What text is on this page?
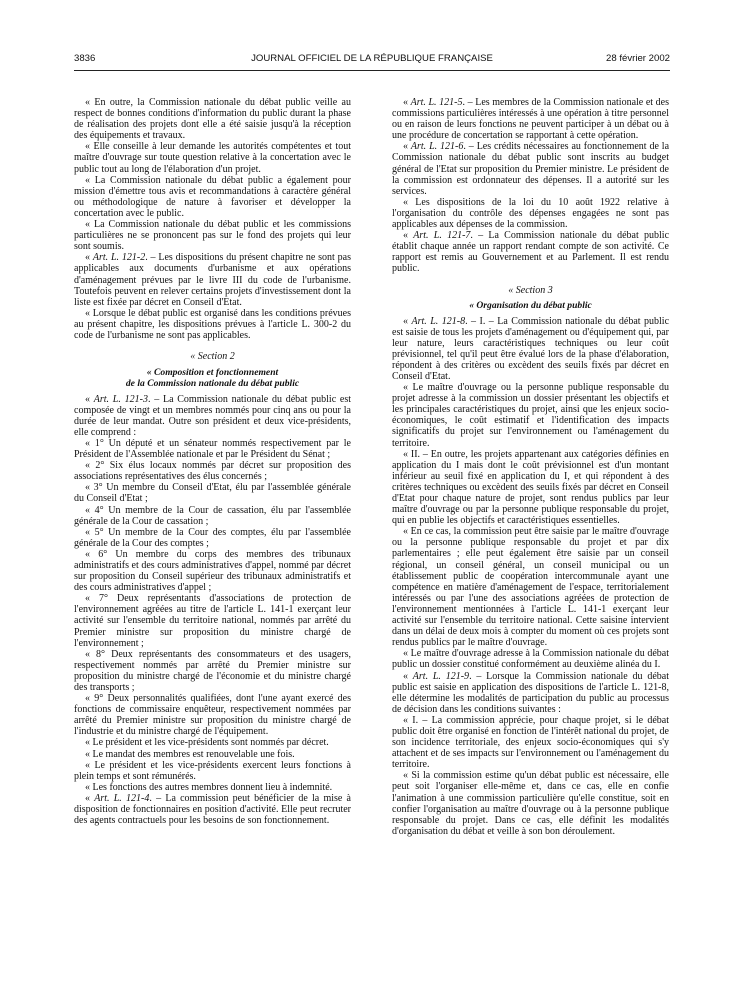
3836	JOURNAL OFFICIEL DE LA RÉPUBLIQUE FRANÇAISE	28 février 2002

« En outre, la Commission nationale du débat public veille au respect de bonnes conditions d'information du public durant la phase de réalisation des projets dont elle a été saisie jusqu'à la réception des équipements et travaux.

« Elle conseille à leur demande les autorités compétentes et tout maître d'ouvrage sur toute question relative à la concertation avec le public tout au long de l'élaboration d'un projet.

« La Commission nationale du débat public a également pour mission d'émettre tous avis et recommandations à caractère général ou méthodologique de nature à favoriser et développer la concertation avec le public.

« La Commission nationale du débat public et les commissions particulières ne se prononcent pas sur le fond des projets qui leur sont soumis.

« Art. L. 121-2. – Les dispositions du présent chapitre ne sont pas applicables aux documents d'urbanisme et aux opérations d'aménagement prévues par le livre III du code de l'urbanisme. Toutefois peuvent en relever certains projets d'investissement dont la liste est fixée par décret en Conseil d'Etat.

« Lorsque le débat public est organisé dans les conditions prévues au présent chapitre, les dispositions prévues à l'article L. 300-2 du code de l'urbanisme ne sont pas applicables.

« Section 2

« Composition et fonctionnement

de la Commission nationale du débat public

« Art. L. 121-3. – La Commission nationale du débat public est composée de vingt et un membres nommés pour cinq ans ou pour la durée de leur mandat. Outre son président et deux vice-présidents, elle comprend :

« 1° Un député et un sénateur nommés respectivement par le Président de l'Assemblée nationale et par le Président du Sénat ;

« 2° Six élus locaux nommés par décret sur proposition des associations représentatives des élus concernés ;

« 3° Un membre du Conseil d'Etat, élu par l'assemblée générale du Conseil d'Etat ;

« 4° Un membre de la Cour de cassation, élu par l'assemblée générale de la Cour de cassation ;

« 5° Un membre de la Cour des comptes, élu par l'assemblée générale de la Cour des comptes ;

« 6° Un membre du corps des membres des tribunaux administratifs et des cours administratives d'appel, nommé par décret sur proposition du Conseil supérieur des tribunaux administratifs et des cours administratives d'appel ;

« 7° Deux représentants d'associations de protection de l'environnement agréées au titre de l'article L. 141-1 exerçant leur activité sur l'ensemble du territoire national, nommés par arrêté du Premier ministre sur proposition du ministre chargé de l'environnement ;

« 8° Deux représentants des consommateurs et des usagers, respectivement nommés par arrêté du Premier ministre sur proposition du ministre chargé de l'économie et du ministre chargé des transports ;

« 9° Deux personnalités qualifiées, dont l'une ayant exercé des fonctions de commissaire enquêteur, respectivement nommées par arrêté du Premier ministre sur proposition du ministre chargé de l'industrie et du ministre chargé de l'équipement.

« Le président et les vice-présidents sont nommés par décret.

« Le mandat des membres est renouvelable une fois.

« Le président et les vice-présidents exercent leurs fonctions à plein temps et sont rémunérés.

« Les fonctions des autres membres donnent lieu à indemnité.

« Art. L. 121-4. – La commission peut bénéficier de la mise à disposition de fonctionnaires en position d'activité. Elle peut recruter des agents contractuels pour les besoins de son fonctionnement.

« Art. L. 121-5. – Les membres de la Commission nationale et des commissions particulières intéressés à une opération à titre personnel ou en raison de leurs fonctions ne peuvent participer à un débat ou à une procédure de concertation se rapportant à cette opération.

« Art. L. 121-6. – Les crédits nécessaires au fonctionnement de la Commission nationale du débat public sont inscrits au budget général de l'Etat sur proposition du Premier ministre. Le président de la commission est ordonnateur des dépenses. Il a autorité sur les services.

« Les dispositions de la loi du 10 août 1922 relative à l'organisation du contrôle des dépenses engagées ne sont pas applicables aux dépenses de la commission.

« Art. L. 121-7. – La Commission nationale du débat public établit chaque année un rapport rendant compte de son activité. Ce rapport est remis au Gouvernement et au Parlement. Il est rendu public.

« Section 3

« Organisation du débat public

« Art. L. 121-8. – I. – La Commission nationale du débat public est saisie de tous les projets d'aménagement ou d'équipement qui, par leur nature, leurs caractéristiques techniques ou leur coût prévisionnel, tel qu'il peut être évalué lors de la phase d'élaboration, répondent à des critères ou excèdent des seuils fixés par décret en Conseil d'Etat.

« Le maître d'ouvrage ou la personne publique responsable du projet adresse à la commission un dossier présentant les objectifs et les principales caractéristiques du projet, ainsi que les enjeux socio-économiques, le coût estimatif et l'identification des impacts significatifs du projet sur l'environnement ou l'aménagement du territoire.

« II. – En outre, les projets appartenant aux catégories définies en application du I mais dont le coût prévisionnel est d'un montant inférieur au seuil fixé en application du I, et qui répondent à des critères techniques ou excèdent des seuils fixés par décret en Conseil d'Etat pour chaque nature de projet, sont rendus publics par leur maître d'ouvrage ou par la personne publique responsable du projet, qui en publie les objectifs et caractéristiques essentielles.

« En ce cas, la commission peut être saisie par le maître d'ouvrage ou la personne publique responsable du projet et par dix parlementaires ; elle peut également être saisie par un conseil régional, un conseil général, un conseil municipal ou un établissement public de coopération intercommunale ayant une compétence en matière d'aménagement de l'espace, territorialement intéressés ou par l'une des associations agréées de protection de l'environnement mentionnées à l'article L. 141-1 exerçant leur activité sur l'ensemble du territoire national. Cette saisine intervient dans un délai de deux mois à compter du moment où ces projets sont rendus publics par le maître d'ouvrage.

« Le maître d'ouvrage adresse à la Commission nationale du débat public un dossier constitué conformément au deuxième alinéa du I.

« Art. L. 121-9. – Lorsque la Commission nationale du débat public est saisie en application des dispositions de l'article L. 121-8, elle détermine les modalités de participation du public au processus de décision dans les conditions suivantes :

« I. – La commission apprécie, pour chaque projet, si le débat public doit être organisé en fonction de l'intérêt national du projet, de son incidence territoriale, des enjeux socio-économiques qui s'y attachent et de ses impacts sur l'environnement ou l'aménagement du territoire.

« Si la commission estime qu'un débat public est nécessaire, elle peut soit l'organiser elle-même et, dans ce cas, elle en confie l'animation à une commission particulière qu'elle constitue, soit en confier l'organisation au maître d'ouvrage ou à la personne publique responsable du projet. Dans ce cas, elle définit les modalités d'organisation du débat et veille à son bon déroulement.
